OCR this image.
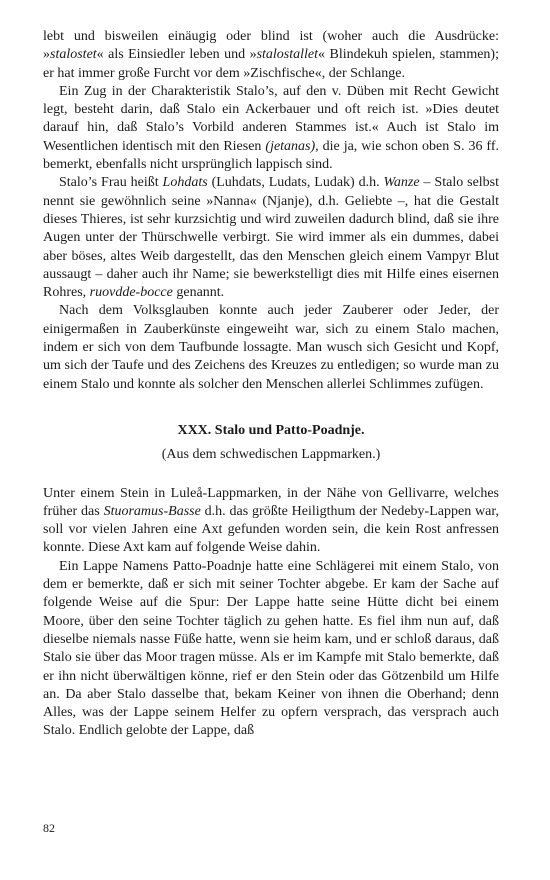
lebt und bisweilen einäugig oder blind ist (woher auch die Ausdrücke: »stalostet« als Einsiedler leben und »stalostallet« Blindekuh spielen, stammen); er hat immer große Furcht vor dem »Zischfische«, der Schlange.

Ein Zug in der Charakteristik Stalo’s, auf den v. Düben mit Recht Gewicht legt, besteht darin, daß Stalo ein Ackerbauer und oft reich ist. »Dies deutet darauf hin, daß Stalo’s Vorbild anderen Stammes ist.« Auch ist Stalo im Wesentlichen identisch mit den Riesen (jetanas), die ja, wie schon oben S. 36 ff. bemerkt, ebenfalls nicht ursprünglich lappisch sind.

Stalo’s Frau heißt Lohdats (Luhdats, Ludats, Ludak) d.h. Wanze – Stalo selbst nennt sie gewöhnlich seine »Nanna« (Njanje), d.h. Geliebte –, hat die Gestalt dieses Thieres, ist sehr kurzsichtig und wird zuweilen dadurch blind, daß sie ihre Augen unter der Thürschwelle verbirgt. Sie wird immer als ein dummes, dabei aber böses, altes Weib dargestellt, das den Menschen gleich einem Vampyr Blut aussaugt – daher auch ihr Name; sie bewerkstelligt dies mit Hilfe eines eisernen Rohres, ruovdde-bocce genannt.

Nach dem Volksglauben konnte auch jeder Zauberer oder Jeder, der einigermaßen in Zauberkünste eingeweiht war, sich zu einem Stalo machen, indem er sich von dem Taufbunde lossagte. Man wusch sich Gesicht und Kopf, um sich der Taufe und des Zeichens des Kreuzes zu entledigen; so wurde man zu einem Stalo und konnte als solcher den Menschen allerlei Schlimmes zufügen.

XXX. Stalo und Patto-Poadnje.
(Aus dem schwedischen Lappmarken.)

Unter einem Stein in Luleå-Lappmarken, in der Nähe von Gellivarre, welches früher das Stuoramus-Basse d.h. das größte Heiligthum der Nedeby-Lappen war, soll vor vielen Jahren eine Axt gefunden worden sein, die kein Rost anfressen konnte. Diese Axt kam auf folgende Weise dahin.

Ein Lappe Namens Patto-Poadnje hatte eine Schlägerei mit einem Stalo, von dem er bemerkte, daß er sich mit seiner Tochter abgebe. Er kam der Sache auf folgende Weise auf die Spur: Der Lappe hatte seine Hütte dicht bei einem Moore, über den seine Tochter täglich zu gehen hatte. Es fiel ihm nun auf, daß dieselbe niemals nasse Füße hatte, wenn sie heim kam, und er schloß daraus, daß Stalo sie über das Moor tragen müsse. Als er im Kampfe mit Stalo bemerkte, daß er ihn nicht überwältigen könne, rief er den Stein oder das Götzenbild um Hilfe an. Da aber Stalo dasselbe that, bekam Keiner von ihnen die Oberhand; denn Alles, was der Lappe seinem Helfer zu opfern versprach, das versprach auch Stalo. Endlich gelobte der Lappe, daß

82
